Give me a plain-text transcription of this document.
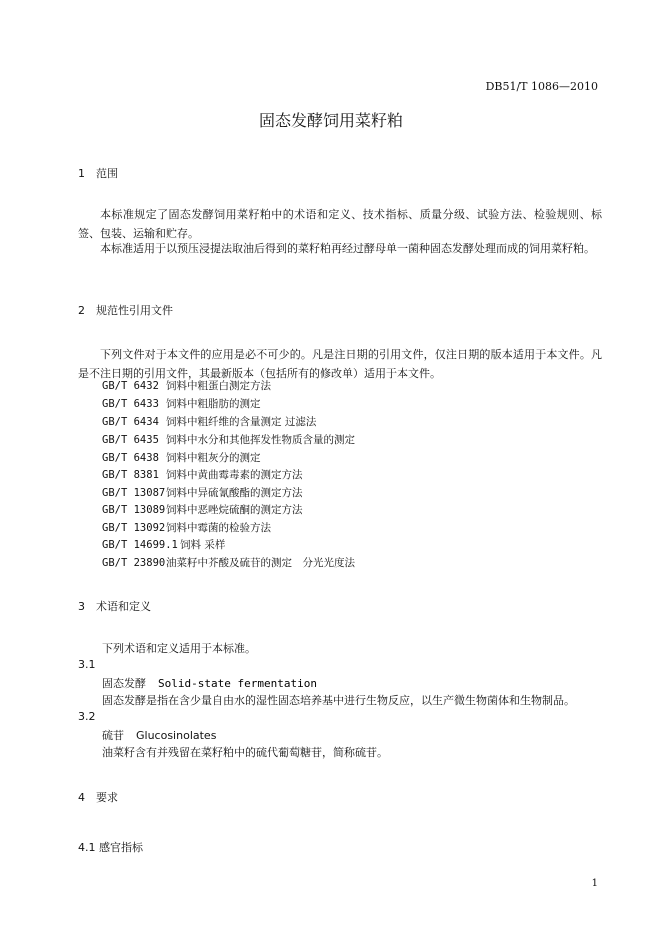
DB51/T 1086—2010
固态发酵饲用菜籽粕
1　范围
本标准规定了固态发酵饲用菜籽粕中的术语和定义、技术指标、质量分级、试验方法、检验规则、标签、包装、运输和贮存。
本标准适用于以预压浸提法取油后得到的菜籽粕再经过酵母单一菌种固态发酵处理而成的饲用菜籽粕。
2　规范性引用文件
下列文件对于本文件的应用是必不可少的。凡是注日期的引用文件，仅注日期的版本适用于本文件。凡是不注日期的引用文件，其最新版本（包括所有的修改单）适用于本文件。
GB/T 6432 饲料中粗蛋白测定方法
GB/T 6433 饲料中粗脂肪的测定
GB/T 6434 饲料中粗纤维的含量测定 过滤法
GB/T 6435 饲料中水分和其他挥发性物质含量的测定
GB/T 6438 饲料中粗灰分的测定
GB/T 8381 饲料中黄曲霉毒素的测定方法
GB/T 13087饲料中异硫氰酸酯的测定方法
GB/T 13089饲料中恶唑烷硫酮的测定方法
GB/T 13092饲料中霉菌的检验方法
GB/T 14699.1 饲料 采样
GB/T 23890油菜籽中芥酸及硫苷的测定　分光光度法
3　术语和定义
下列术语和定义适用于本标准。
3.1
固态发酵 Solid-state fermentation
固态发酵是指在含少量自由水的湿性固态培养基中进行生物反应，以生产微生物菌体和生物制品。
3.2
硫苷 Glucosinolates
油菜籽含有并残留在菜籽粕中的硫代葡萄糖苷，简称硫苷。
4　要求
4.1 感官指标
1
